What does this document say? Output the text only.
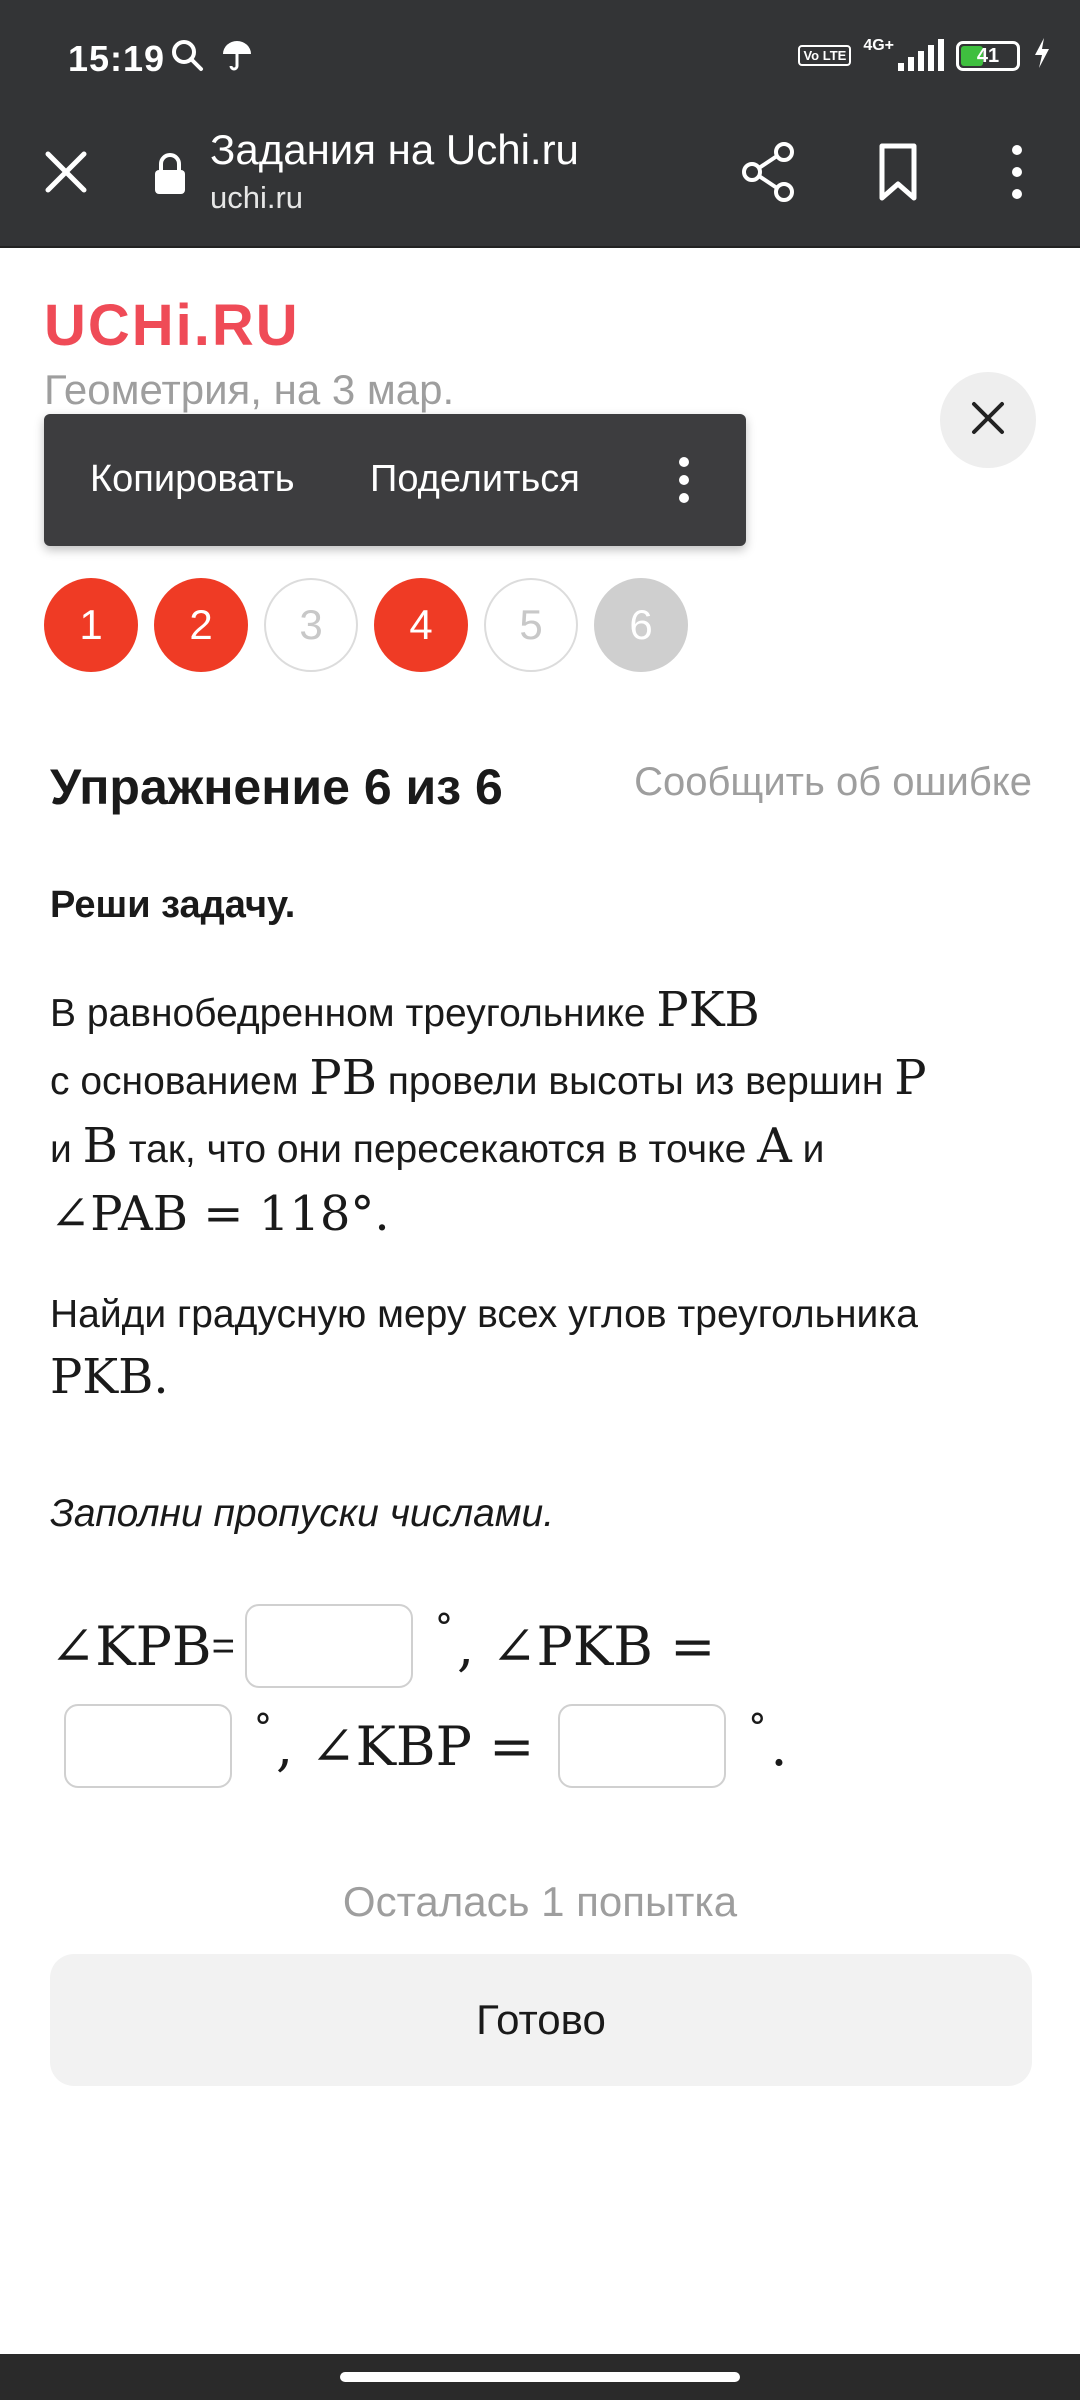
15:19	Vo LTE
4G+	41
Задания на Uchi.ru
uchi.ru
UCHi.RU
Геометрия, на 3 мар.
Копировать Поделиться
1	2	3	4	5	6
Упражнение 6 из 6	Сообщить об ошибке
Реши задачу.
В равнобедренном треугольнике PKB
с основанием PB провели высоты из вершин P
и B так, что они пересекаются в точке A и
∠PAB = 118°.
Найди градусную меру всех углов треугольника
PKB.
Заполни пропуски числами.
∠KPB =	° , ∠PKB =
° , ∠KBP =	° .
Осталась 1 попытка
Готово
